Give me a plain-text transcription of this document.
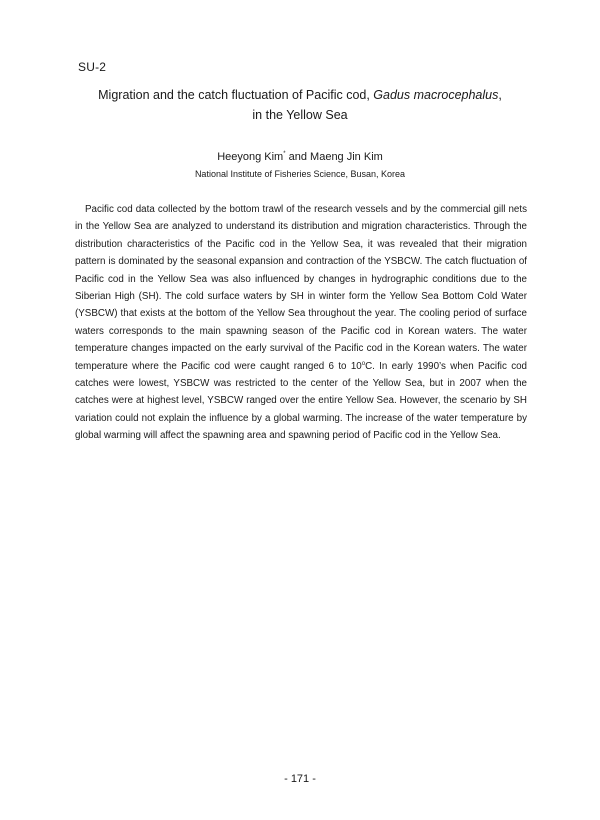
SU-2
Migration and the catch fluctuation of Pacific cod, Gadus macrocephalus,
in the Yellow Sea
Heeyong Kim* and Maeng Jin Kim
National Institute of Fisheries Science, Busan, Korea
Pacific cod data collected by the bottom trawl of the research vessels and by the commercial gill nets in the Yellow Sea are analyzed to understand its distribution and migration characteristics. Through the distribution characteristics of the Pacific cod in the Yellow Sea, it was revealed that their migration pattern is dominated by the seasonal expansion and contraction of the YSBCW. The catch fluctuation of Pacific cod in the Yellow Sea was also influenced by changes in hydrographic conditions due to the Siberian High (SH). The cold surface waters by SH in winter form the Yellow Sea Bottom Cold Water (YSBCW) that exists at the bottom of the Yellow Sea throughout the year. The cooling period of surface waters corresponds to the main spawning season of the Pacific cod in Korean waters. The water temperature changes impacted on the early survival of the Pacific cod in the Korean waters. The water temperature where the Pacific cod were caught ranged 6 to 10$^o$C. In early 1990’s when Pacific cod catches were lowest, YSBCW was restricted to the center of the Yellow Sea, but in 2007 when the catches were at highest level, YSBCW ranged over the entire Yellow Sea. However, the scenario by SH variation could not explain the influence by a global warming. The increase of the water temperature by global warming will affect the spawning area and spawning period of Pacific cod in the Yellow Sea.
- 171 -
